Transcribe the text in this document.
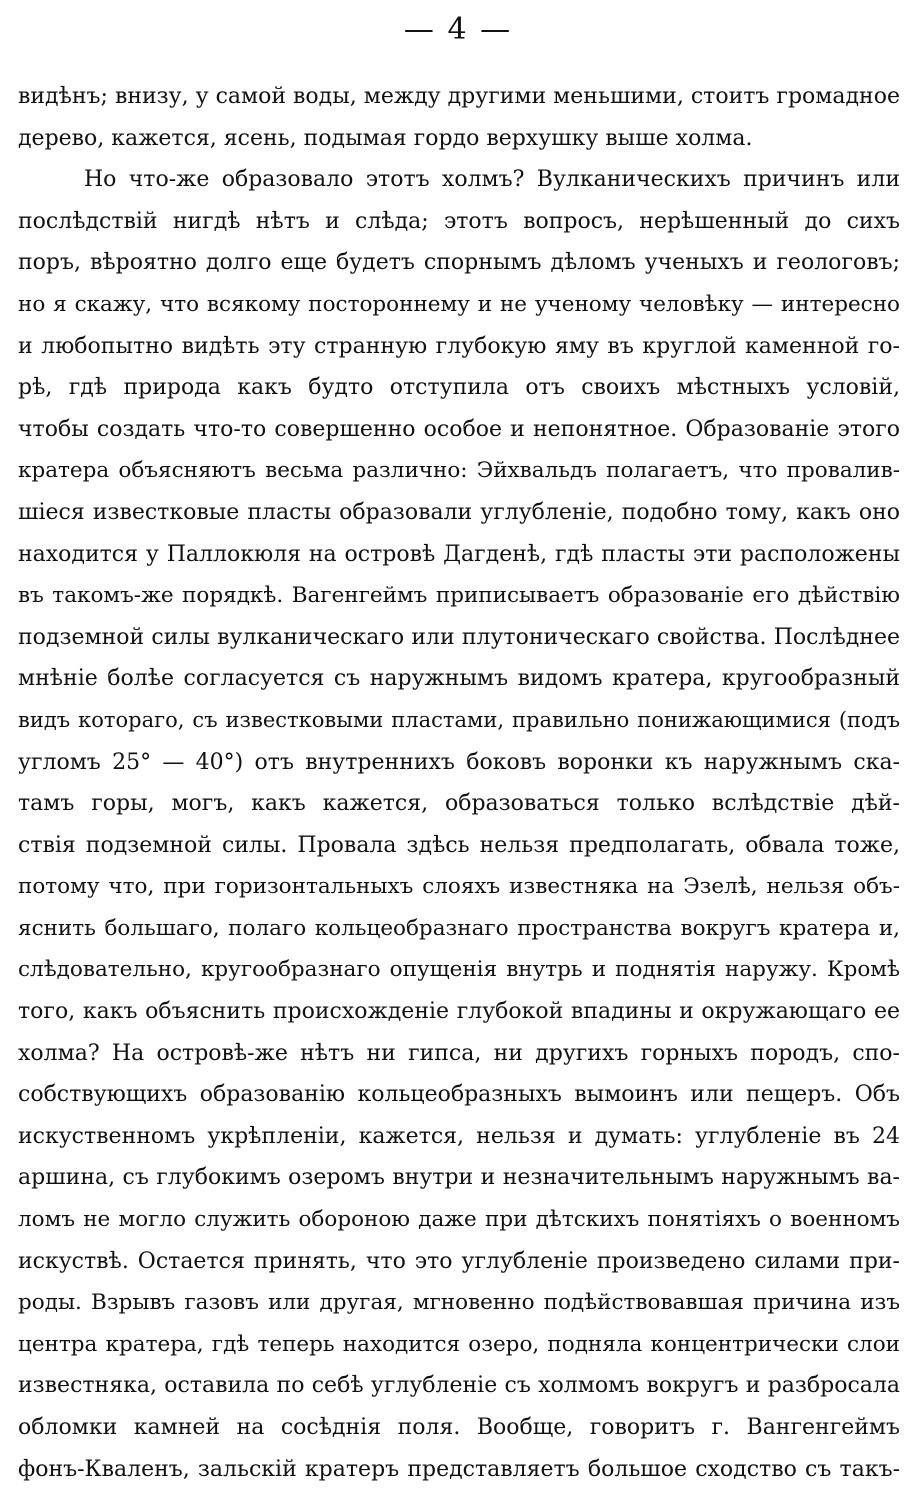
— 4 —
видѣнъ; внизу, у самой воды, между другими меньшими, стоитъ громадное
дерево, кажется, ясень, подымая гордо верхушку выше холма.
Но что-же образовало этотъ холмъ? Вулканическихъ причинъ или
послѣдствій нигдѣ нѣтъ и слѣда; этотъ вопросъ, нерѣшенный до сихъ
поръ, вѣроятно долго еще будетъ спорнымъ дѣломъ ученыхъ и геологовъ;
но я скажу, что всякому постороннему и не ученому человѣку — интересно
и любопытно видѣть эту странную глубокую яму въ круглой каменной го-
рѣ, гдѣ природа какъ будто отступила отъ своихъ мѣстныхъ условій,
чтобы создать что-то совершенно особое и непонятное. Образованіе этого
кратера объясняютъ весьма различно: Эйхвальдъ полагаетъ, что провалив-
шіеся известковые пласты образовали углубленіе, подобно тому, какъ оно
находится у Паллокюля на островѣ Дагденѣ, гдѣ пласты эти расположены
въ такомъ-же порядкѣ. Вагенгеймъ приписываетъ образованіе его дѣйствію
подземной силы вулканическаго или плутоническаго свойства. Послѣднее
мнѣніе болѣе согласуется съ наружнымъ видомъ кратера, кругообразный
видъ котораго, съ известковыми пластами, правильно понижающимися (подъ
угломъ 25° — 40°) отъ внутреннихъ боковъ воронки къ наружнымъ ска-
тамъ горы, могъ, какъ кажется, образоваться только вслѣдствіе дѣй-
ствія подземной силы. Провала здѣсь нельзя предполагать, обвала тоже,
потому что, при горизонтальныхъ слояхъ известняка на Эзелѣ, нельзя объ-
яснить большаго, полаго кольцеобразнаго пространства вокругъ кратера и,
слѣдовательно, кругообразнаго опущенія внутрь и поднятія наружу. Кромѣ
того, какъ объяснить происхожденіе глубокой впадины и окружающаго ее
холма? На островѣ-же нѣтъ ни гипса, ни другихъ горныхъ породъ, спо-
собствующихъ образованію кольцеобразныхъ вымоинъ или пещеръ. Объ
искуственномъ укрѣпленіи, кажется, нельзя и думать: углубленіе въ 24
аршина, съ глубокимъ озеромъ внутри и незначительнымъ наружнымъ ва-
ломъ не могло служить обороною даже при дѣтскихъ понятіяхъ о военномъ
искуствѣ. Остается принять, что это углубленіе произведено силами при-
роды. Взрывъ газовъ или другая, мгновенно подѣйствовавшая причина изъ
центра кратера, гдѣ теперь находится озеро, подняла концентрически слои
известняка, оставила по себѣ углубленіе съ холмомъ вокругъ и разбросала
обломки камней на сосѣднія поля. Вообще, говоритъ г. Вангенгеймъ
фонъ-Кваленъ, зальскій кратеръ представляетъ большое сходство съ такъ-
